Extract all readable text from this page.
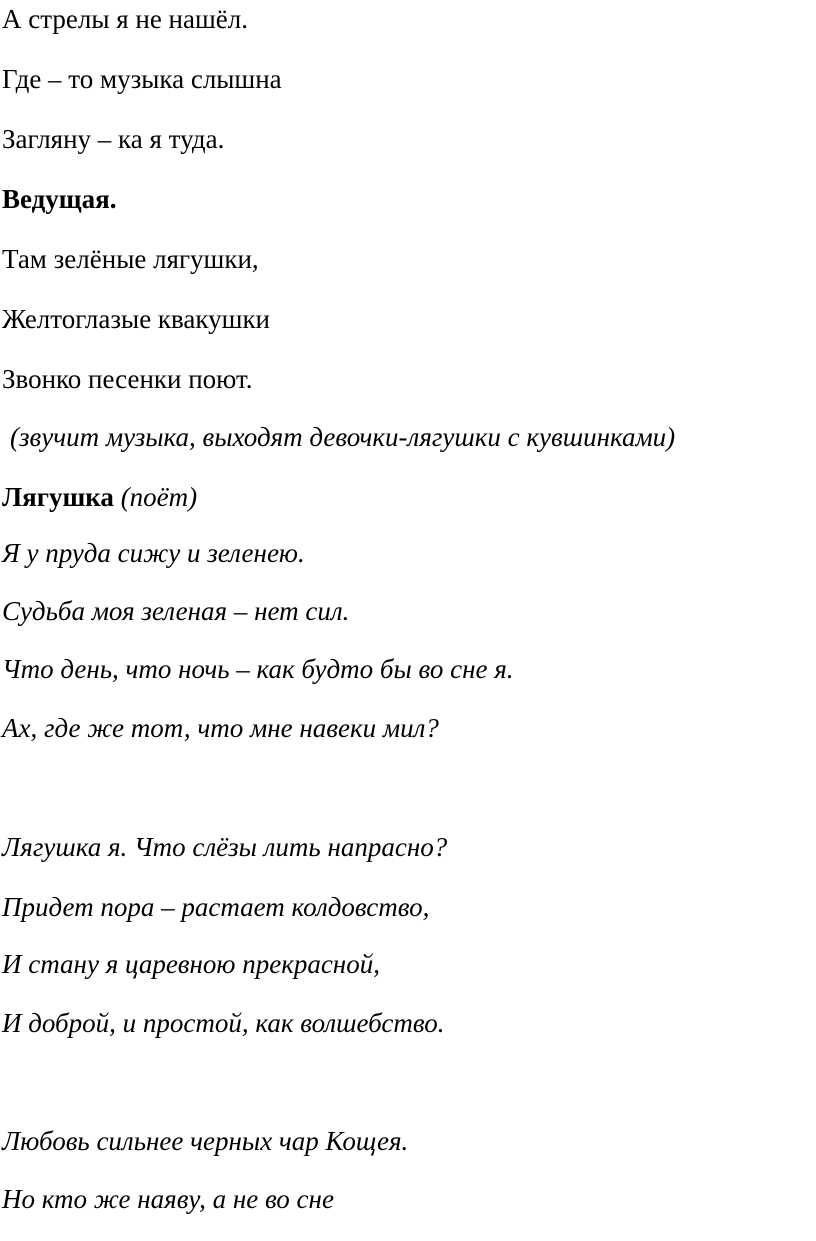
А стрелы я не нашёл.
Где – то музыка слышна
Загляну – ка я туда.
Ведущая.
Там зелёные лягушки,
Желтоглазые квакушки
Звонко песенки поют.
(звучит музыка, выходят девочки-лягушки с кувшинками)
Лягушка (поёт)
Я у пруда сижу и зеленею.
Судьба моя зеленая – нет сил.
Что день, что ночь – как будто бы во сне я.
Ах, где же тот, что мне навеки мил?
Лягушка я. Что слёзы лить напрасно?
Придет пора – растает колдовство,
И стану я царевною прекрасной,
И доброй, и простой, как волшебство.
Любовь сильнее черных чар Кощея.
Но кто же наяву, а не во сне
